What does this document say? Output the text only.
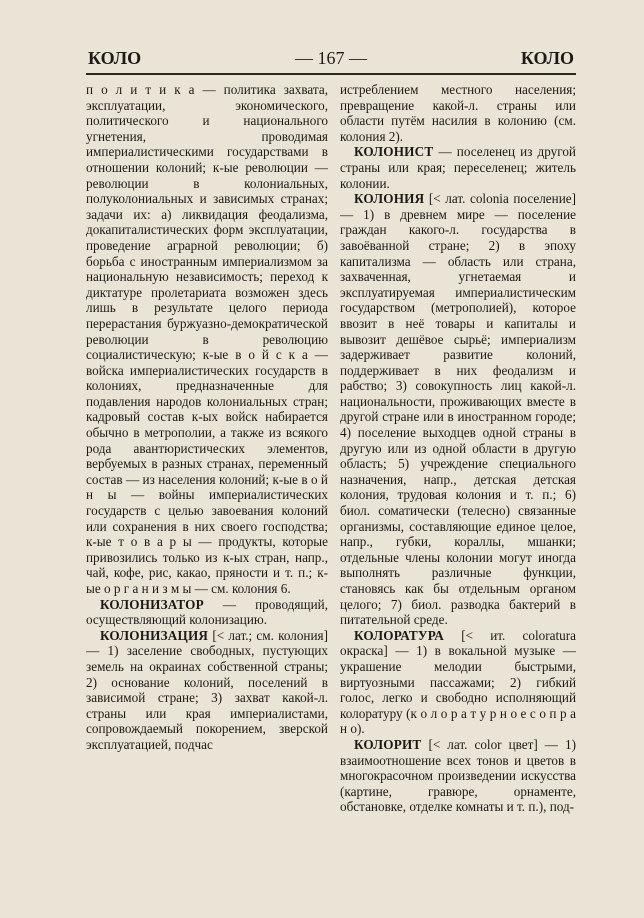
КОЛО	— 167 —	КОЛО

п о л и т и к а — политика захвата, эксплуатации, экономического, политического и национального угнетения, проводимая империалистическими государствами в отношении колоний; к-ые революции — революции в колониальных, полуколониальных и зависимых странах; задачи их: а) ликвидация феодализма, докапиталистических форм эксплуатации, проведение аграрной революции; б) борьба с иностранным империализмом за национальную независимость; переход к диктатуре пролетариата возможен здесь лишь в результате целого периода перерастания буржуазно-демократической революции в революцию социалистическую; к-ые в о й с к а — войска империалистических государств в колониях, предназначенные для подавления народов колониальных стран; кадровый состав к-ых войск набирается обычно в метрополии, а также из всякого рода авантюристических элементов, вербуемых в разных странах, переменный состав — из населения колоний; к-ые в о й н ы — войны империалистических государств с целью завоевания колоний или сохранения в них своего господства; к-ые т о в а р ы — продукты, которые привозились только из к-ых стран, напр., чай, кофе, рис, какао, пряности и т. п.; к-ые о р г а н и з м ы — см. колония 6.

КОЛОНИЗАТОР — проводящий, осуществляющий колонизацию.

КОЛОНИЗАЦИЯ [< лат.; см. колония] — 1) заселение свободных, пустующих земель на окраинах собственной страны; 2) основание колоний, поселений в зависимой стране; 3) захват какой-л. страны или края империалистами, сопровождаемый покорением, зверской эксплуатацией, подчас

истреблением местного населения; превращение какой-л. страны или области путём насилия в колонию (см. колония 2).

КОЛОНИСТ — поселенец из другой страны или края; переселенец; житель колонии.

КОЛОНИЯ [< лат. colonia поселение] — 1) в древнем мире — поселение граждан какого-л. государства в завоёванной стране; 2) в эпоху капитализма — область или страна, захваченная, угнетаемая и эксплуатируемая империалистическим государством (метрополией), которое ввозит в неё товары и капиталы и вывозит дешёвое сырьё; империализм задерживает развитие колоний, поддерживает в них феодализм и рабство; 3) совокупность лиц какой-л. национальности, проживающих вместе в другой стране или в иностранном городе; 4) поселение выходцев одной страны в другую или из одной области в другую область; 5) учреждение специального назначения, напр., детская детская колония, трудовая колония и т. п.; 6) биол. соматически (телесно) связанные организмы, составляющие единое целое, напр., губки, кораллы, мшанки; отдельные члены колонии могут иногда выполнять различные функции, становясь как бы отдельным органом целого; 7) биол. разводка бактерий в питательной среде.

КОЛОРАТУРА [< ит. coloratura окраска] — 1) в вокальной музыке — украшение мелодии быстрыми, виртуозными пассажами; 2) гибкий голос, легко и свободно исполняющий колоратуру (к о л о р а т у р н о е с о п р а н о).

КОЛОРИТ [< лат. color цвет] — 1) взаимоотношение всех тонов и цветов в многокрасочном произведении искусства (картине, гравюре, орнаменте, обстановке, отделке комнаты и т. п.), под-
